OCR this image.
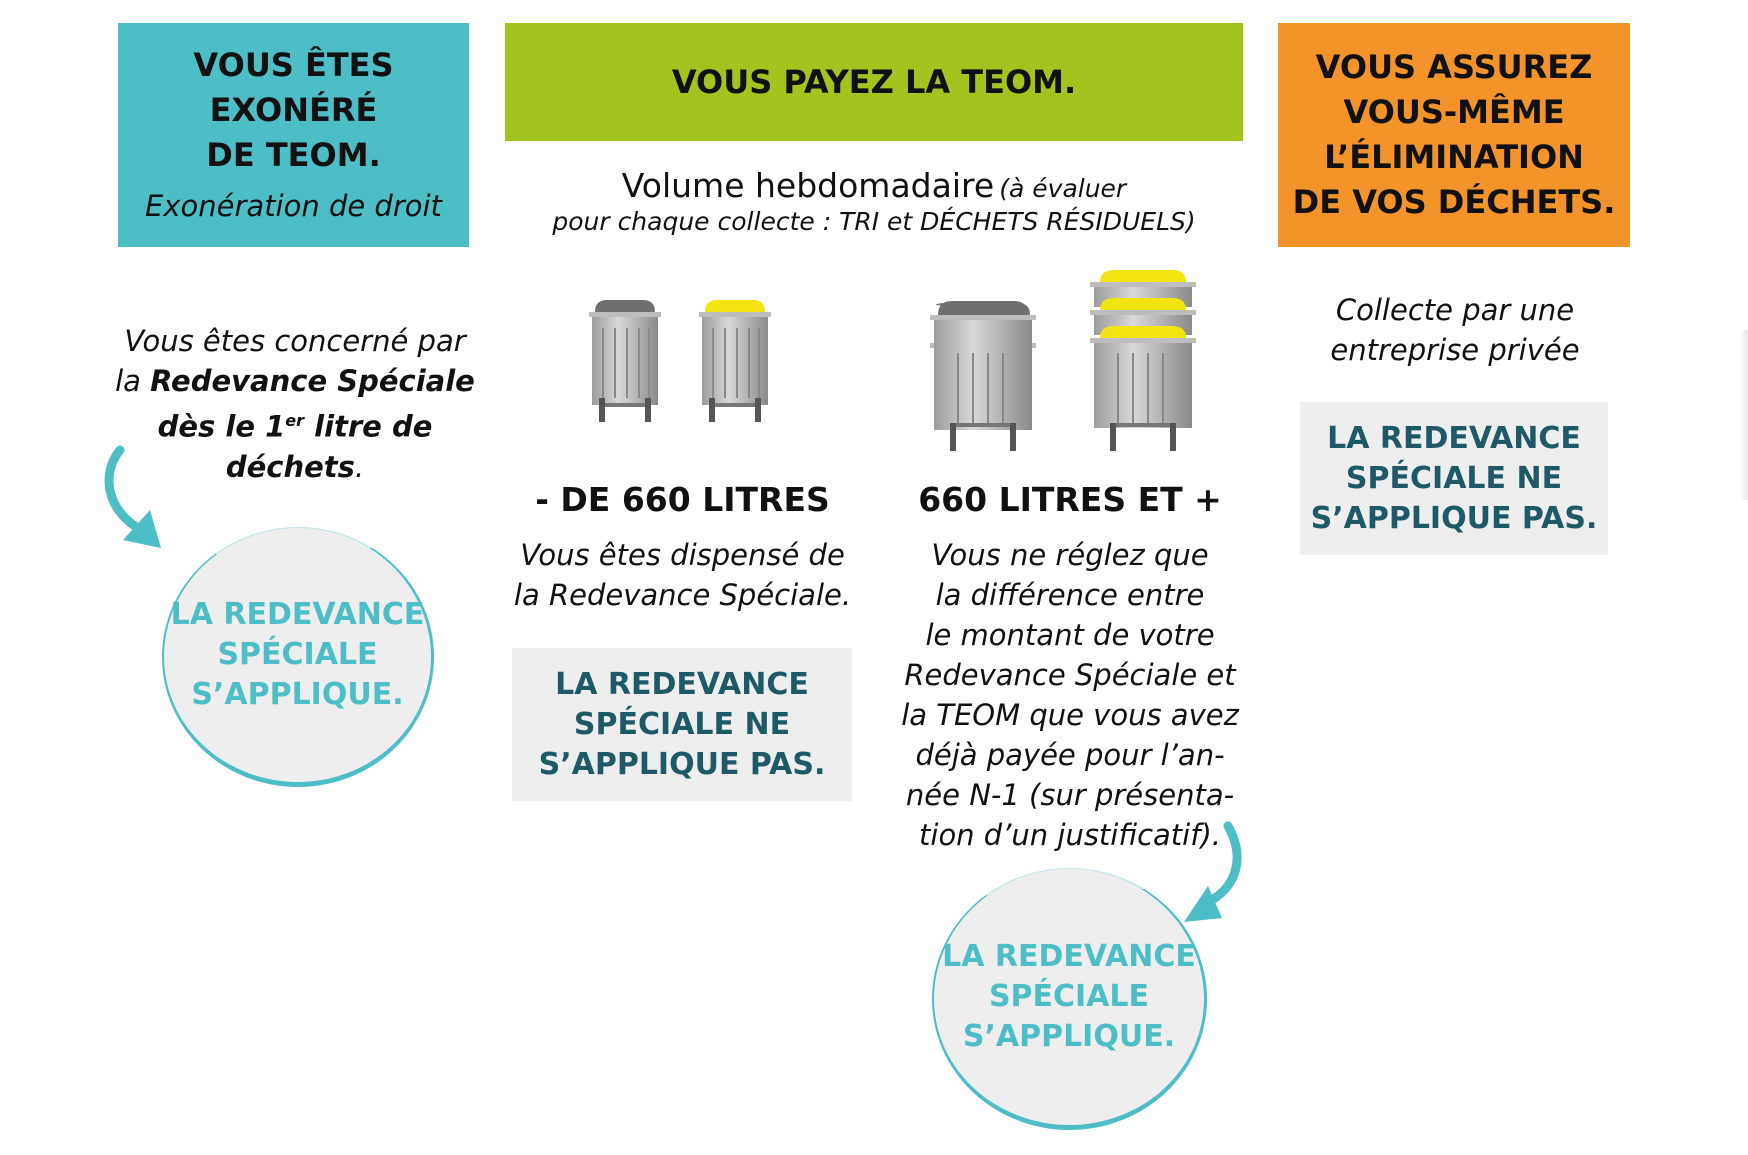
VOUS ÊTES
EXONÉRÉ
DE TEOM.
Exonération de droit
VOUS PAYEZ LA TEOM.	VOUS ASSUREZ
VOUS-MÊME
L’ÉLIMINATION
DE VOS DÉCHETS.
Volume hebdomadaire (à évaluer
pour chaque collecte : TRI et DÉCHETS RÉSIDUELS)
Vous êtes concerné par
la Redevance Spéciale
dès le 1er litre de
déchets.
LA REDEVANCE
SPÉCIALE
S’APPLIQUE.
- DE 660 LITRES	660 LITRES ET +
Vous êtes dispensé de
la Redevance Spéciale.
LA REDEVANCE
SPÉCIALE NE
S’APPLIQUE PAS.
Vous ne réglez que
la différence entre
le montant de votre
Redevance Spéciale et
la TEOM que vous avez
déjà payée pour l’an-
née N-1 (sur présenta-
tion d’un justificatif).
LA REDEVANCE
SPÉCIALE
S’APPLIQUE.
Collecte par une
entreprise privée
LA REDEVANCE
SPÉCIALE NE
S’APPLIQUE PAS.
